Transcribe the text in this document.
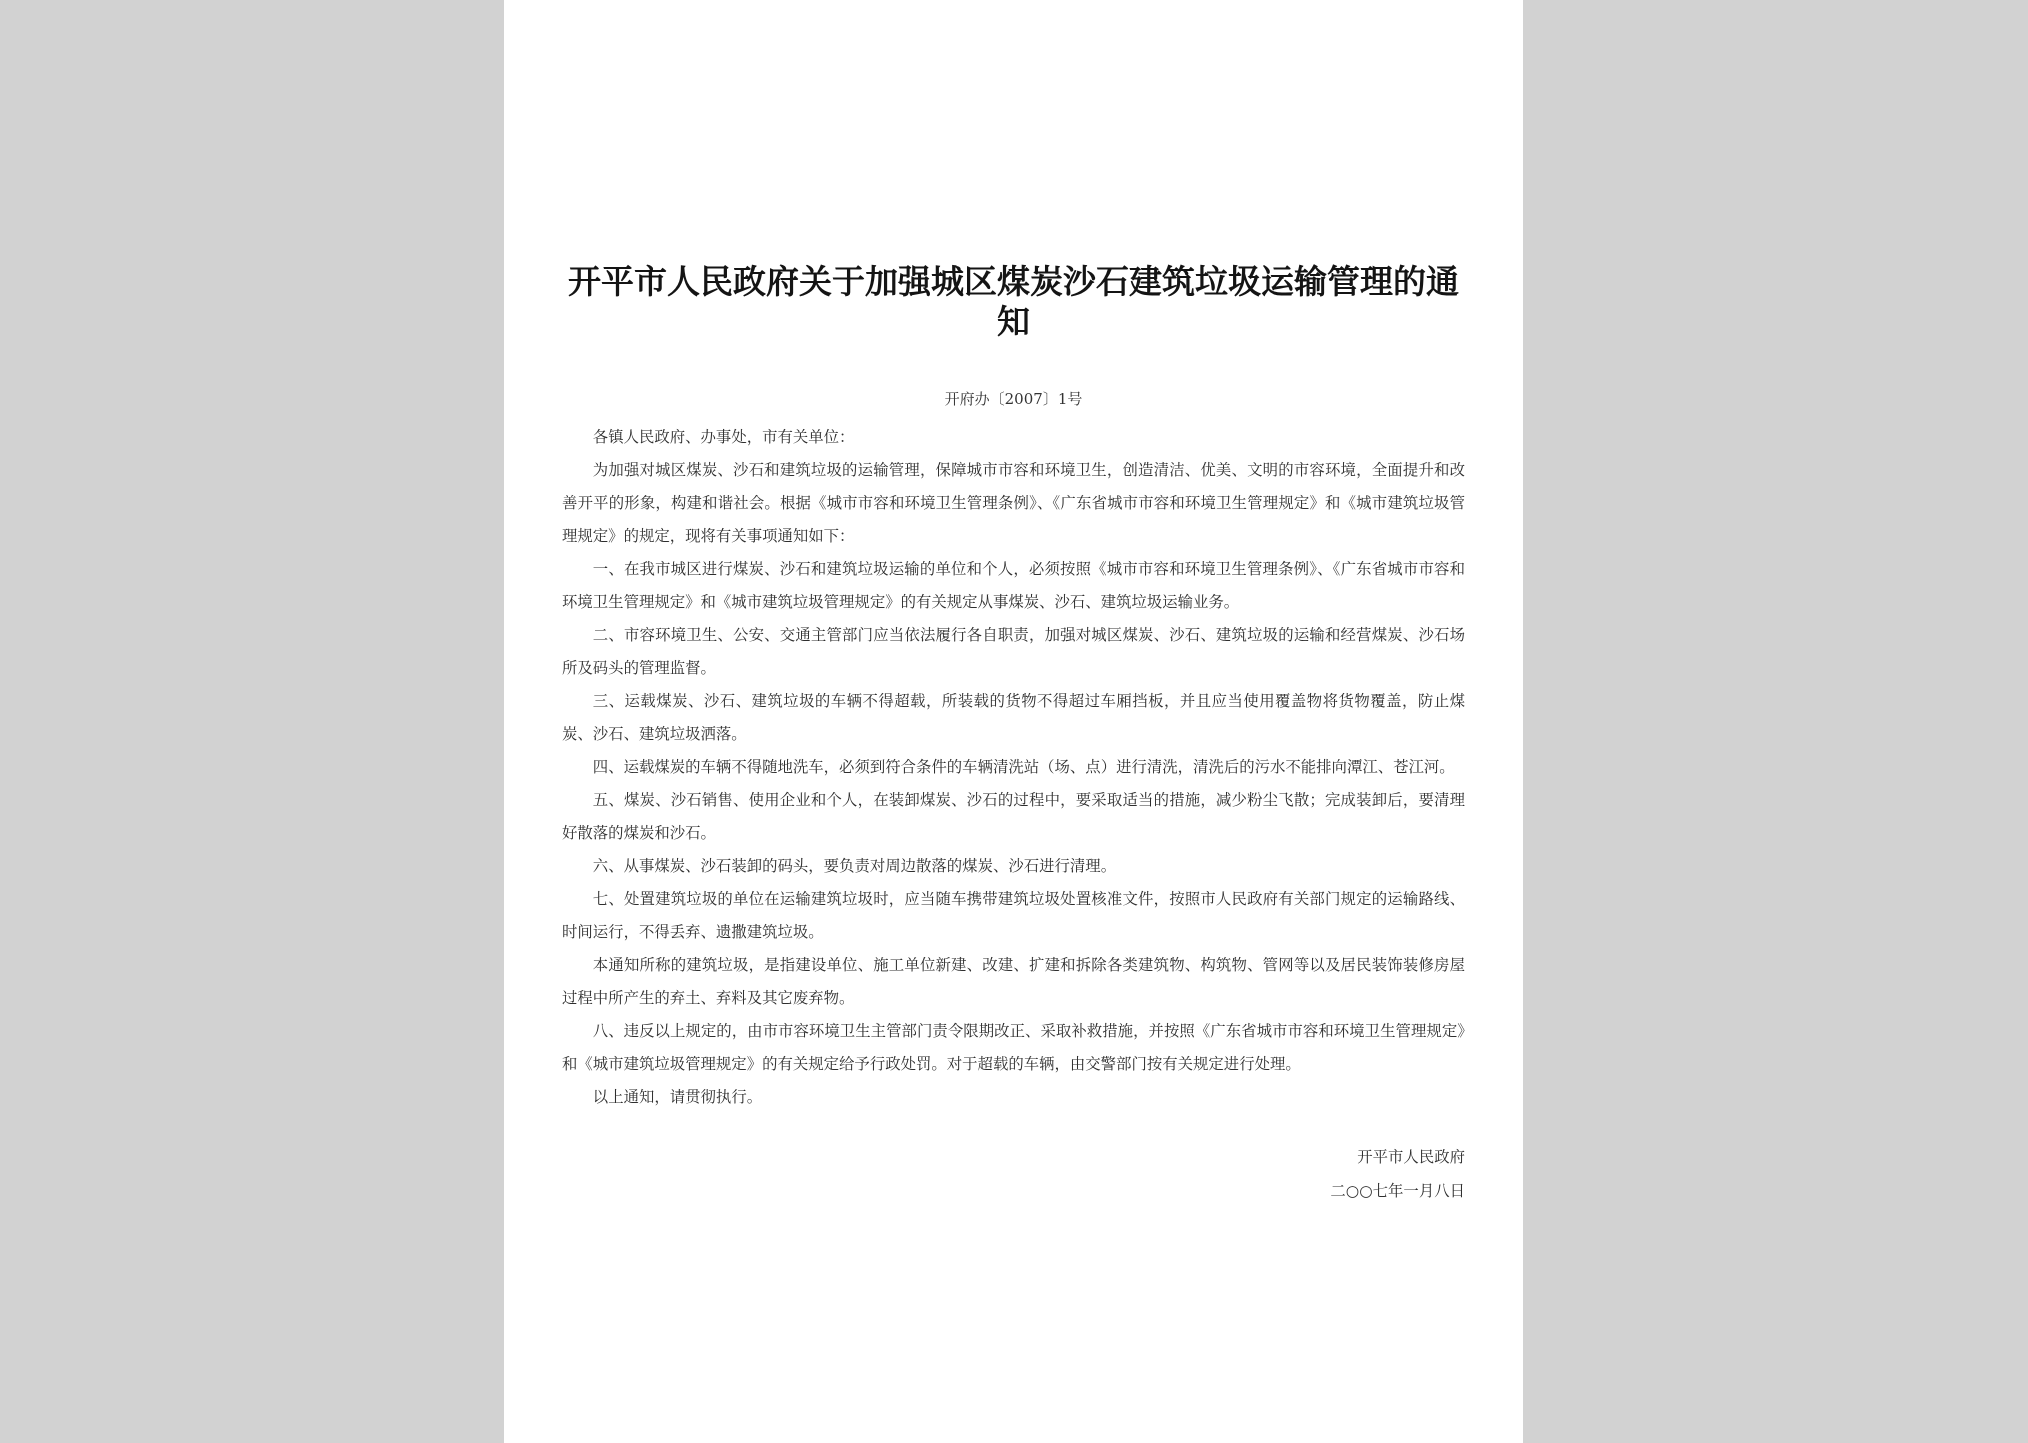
开平市人民政府关于加强城区煤炭沙石建筑垃圾运输管理的通知
开府办〔2007〕1号

各镇人民政府、办事处，市有关单位：

为加强对城区煤炭、沙石和建筑垃圾的运输管理，保障城市市容和环境卫生，创造清洁、优美、文明的市容环境，全面提升和改善开平的形象，构建和谐社会。根据《城市市容和环境卫生管理条例》、《广东省城市市容和环境卫生管理规定》和《城市建筑垃圾管理规定》的规定，现将有关事项通知如下：

一、在我市城区进行煤炭、沙石和建筑垃圾运输的单位和个人，必须按照《城市市容和环境卫生管理条例》、《广东省城市市容和环境卫生管理规定》和《城市建筑垃圾管理规定》的有关规定从事煤炭、沙石、建筑垃圾运输业务。

二、市容环境卫生、公安、交通主管部门应当依法履行各自职责，加强对城区煤炭、沙石、建筑垃圾的运输和经营煤炭、沙石场所及码头的管理监督。

三、运载煤炭、沙石、建筑垃圾的车辆不得超载，所装载的货物不得超过车厢挡板，并且应当使用覆盖物将货物覆盖，防止煤炭、沙石、建筑垃圾洒落。

四、运载煤炭的车辆不得随地洗车，必须到符合条件的车辆清洗站（场、点）进行清洗，清洗后的污水不能排向潭江、苍江河。

五、煤炭、沙石销售、使用企业和个人，在装卸煤炭、沙石的过程中，要采取适当的措施，减少粉尘飞散；完成装卸后，要清理好散落的煤炭和沙石。

六、从事煤炭、沙石装卸的码头，要负责对周边散落的煤炭、沙石进行清理。

七、处置建筑垃圾的单位在运输建筑垃圾时，应当随车携带建筑垃圾处置核准文件，按照市人民政府有关部门规定的运输路线、时间运行，不得丢弃、遗撒建筑垃圾。

本通知所称的建筑垃圾，是指建设单位、施工单位新建、改建、扩建和拆除各类建筑物、构筑物、管网等以及居民装饰装修房屋过程中所产生的弃土、弃料及其它废弃物。

八、违反以上规定的，由市市容环境卫生主管部门责令限期改正、采取补救措施，并按照《广东省城市市容和环境卫生管理规定》和《城市建筑垃圾管理规定》的有关规定给予行政处罚。对于超载的车辆，由交警部门按有关规定进行处理。

以上通知，请贯彻执行。

开平市人民政府
二○○七年一月八日
